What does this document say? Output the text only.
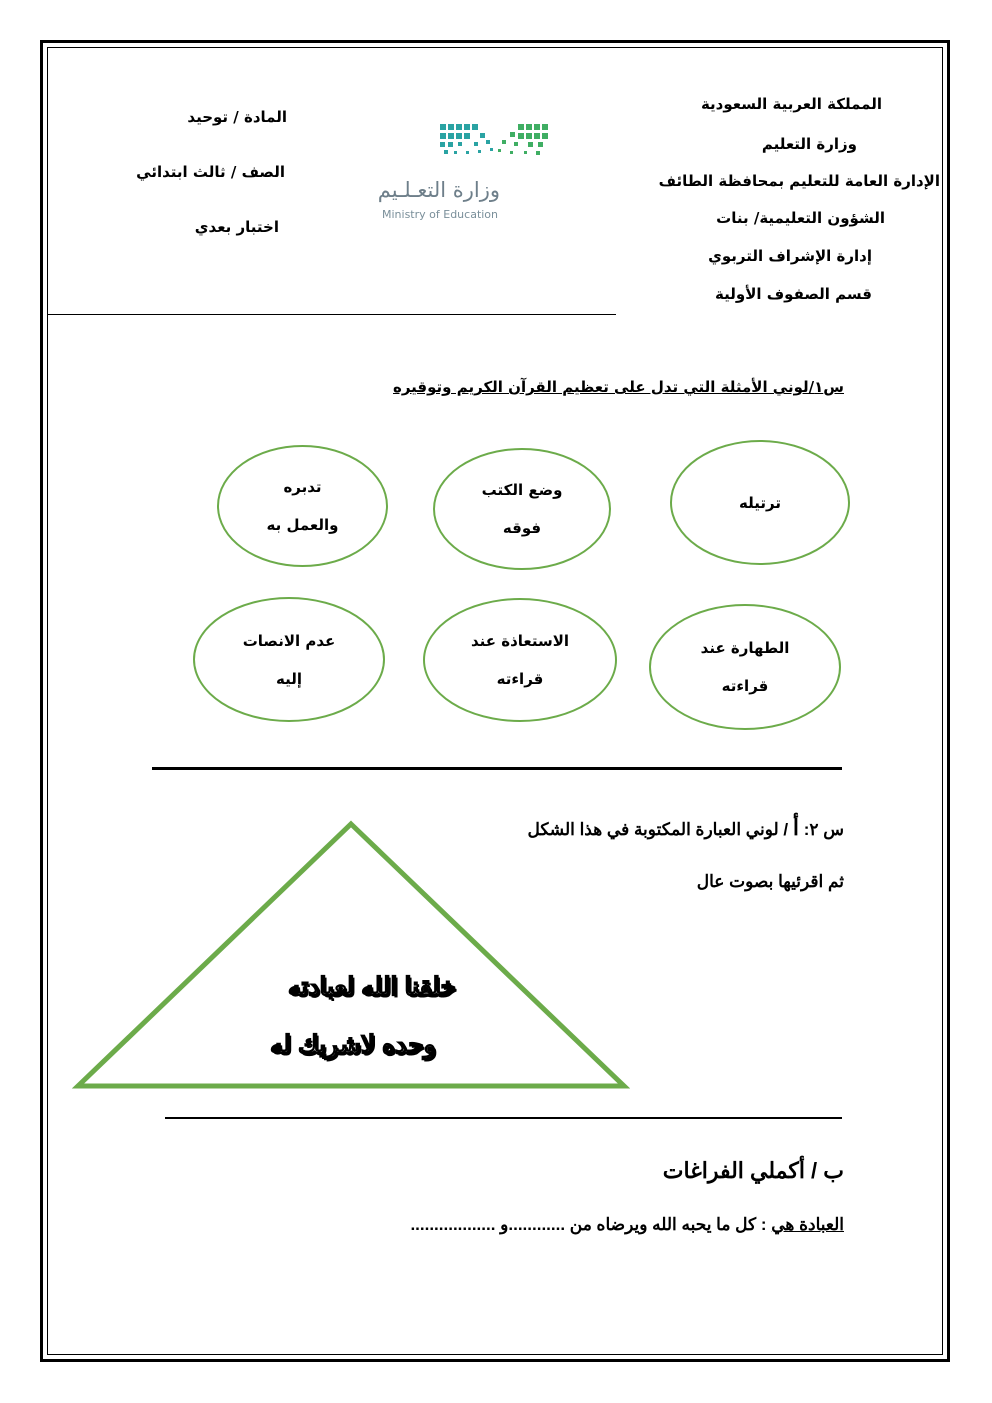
المملكة العربية السعودية
وزارة التعليم
الإدارة العامة للتعليم بمحافظة الطائف
الشؤون التعليمية/ بنات
إدارة الإشراف التربوي
قسم الصفوف الأولية
وزارة التعـلـيم
Ministry of Education
المادة / توحيد
الصف / ثالث ابتدائي
اختبار بعدي
س١/لوني الأمثلة التي تدل على تعظيم القرآن الكريم وتوقيره
ترتيله
وضع الكتب
فوقه
تدبره
والعمل به
الطهارة عند
قراءته
الاستعاذة عند
قراءته
عدم الانصات
إليه
س ٢: أ / لوني العبارة المكتوبة في هذا الشكل
ثم اقرئيها بصوت عال
خلقنا الله لعبادته
وحده لاشريك له
ب / أكملي الفراغات
العبادة هي : كل ما يحبه الله ويرضاه من ............و ..................
